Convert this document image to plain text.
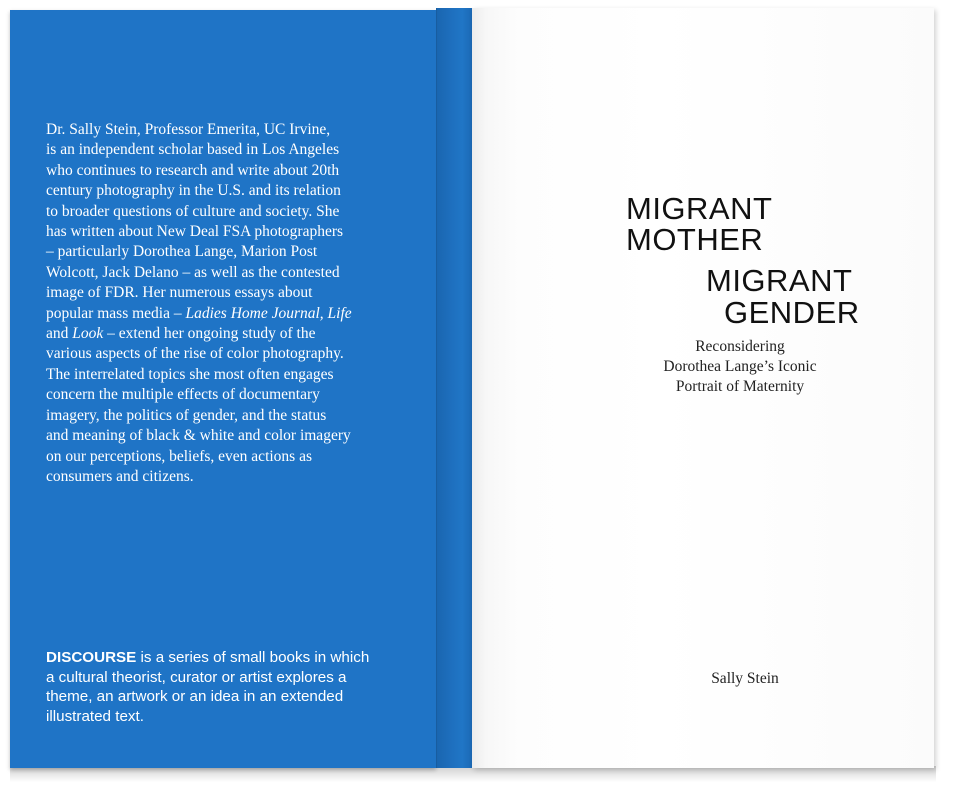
Dr. Sally Stein, Professor Emerita, UC Irvine,
is an independent scholar based in Los Angeles
who continues to research and write about 20th
century photography in the U.S. and its relation
to broader questions of culture and society. She
has written about New Deal FSA photographers
– particularly Dorothea Lange, Marion Post
Wolcott, Jack Delano – as well as the contested
image of FDR. Her numerous essays about
popular mass media – Ladies Home Journal, Life
and Look – extend her ongoing study of the
various aspects of the rise of color photography.
The interrelated topics she most often engages
concern the multiple effects of documentary
imagery, the politics of gender, and the status
and meaning of black & white and color imagery
on our perceptions, beliefs, even actions as
consumers and citizens.

DISCOURSE is a series of small books in which
a cultural theorist, curator or artist explores a
theme, an artwork or an idea in an extended
illustrated text.

MIGRANT
MOTHER
MIGRANT
GENDER
Reconsidering
Dorothea Lange’s Iconic
Portrait of Maternity
Sally Stein
